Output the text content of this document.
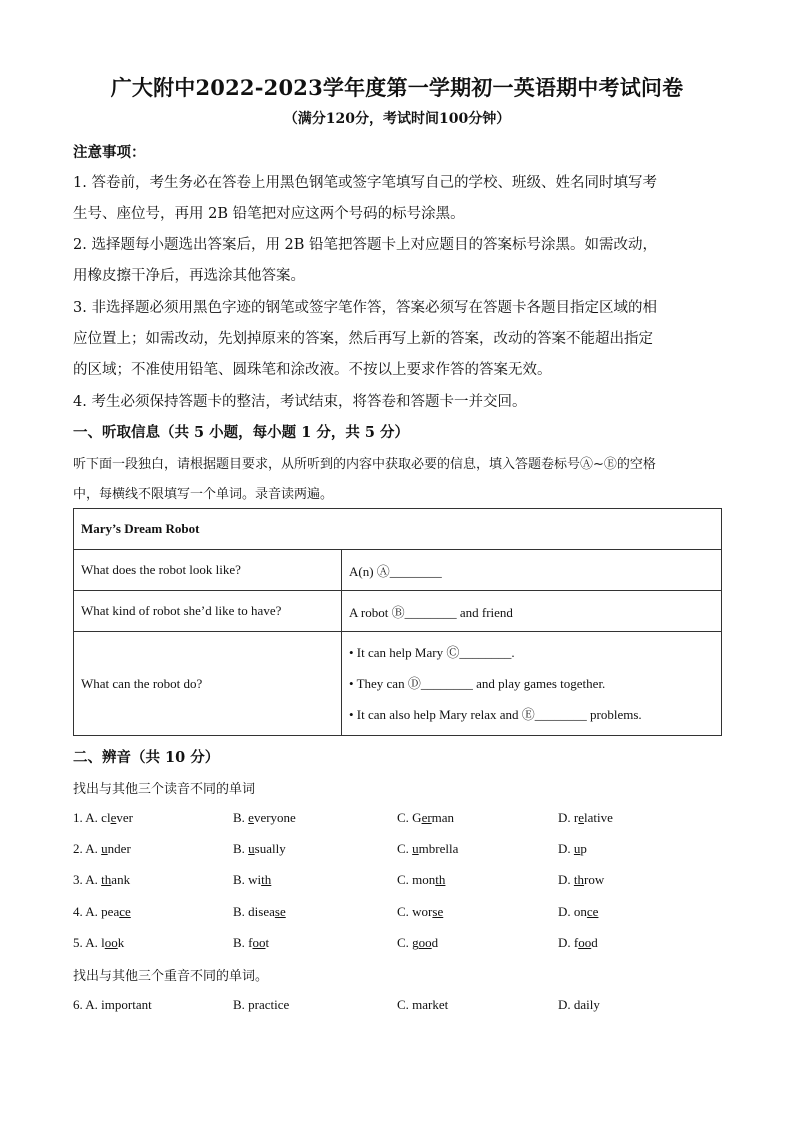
广大附中2022-2023学年度第一学期初一英语期中考试问卷
（满分120分，考试时间100分钟）
注意事项：
1. 答卷前，考生务必在答卷上用黑色钢笔或签字笔填写自己的学校、班级、姓名同时填写考
生号、座位号，再用 2B 铅笔把对应这两个号码的标号涂黑。
2. 选择题每小题选出答案后，用 2B 铅笔把答题卡上对应题目的答案标号涂黑。如需改动，
用橡皮擦干净后，再选涂其他答案。
3. 非选择题必须用黑色字迹的钢笔或签字笔作答，答案必须写在答题卡各题目指定区域的相
应位置上；如需改动，先划掉原来的答案，然后再写上新的答案，改动的答案不能超出指定
的区域；不准使用铅笔、圆珠笔和涂改液。不按以上要求作答的答案无效。
4. 考生必须保持答题卡的整洁，考试结束，将答卷和答题卡一并交回。
一、听取信息（共 5 小题，每小题 1 分，共 5 分）
听下面一段独白，请根据题目要求，从所听到的内容中获取必要的信息，填入答题卷标号Ⓐ~Ⓔ的空格
中，每横线不限填写一个单词。录音读两遍。
Mary’s Dream Robot	
What does the robot look like?	A(n) Ⓐ________
What kind of robot she’d like to have?	A robot Ⓑ________ and friend
What can the robot do?	• It can help Mary Ⓒ________.
• They can Ⓓ________ and play games together.
• It can also help Mary relax and Ⓔ________ problems.
二、辨音（共 10 分）
找出与其他三个读音不同的单词
1. A. clever	B. everyone	C. German	D. relative
2. A. under	B. usually	C. umbrella	D. up
3. A. thank	B. with	C. month	D. throw
4. A. peace	B. disease	C. worse	D. once
5. A. look	B. foot	C. good	D. food
找出与其他三个重音不同的单词。
6. A. important	B. practice	C. market	D. daily
